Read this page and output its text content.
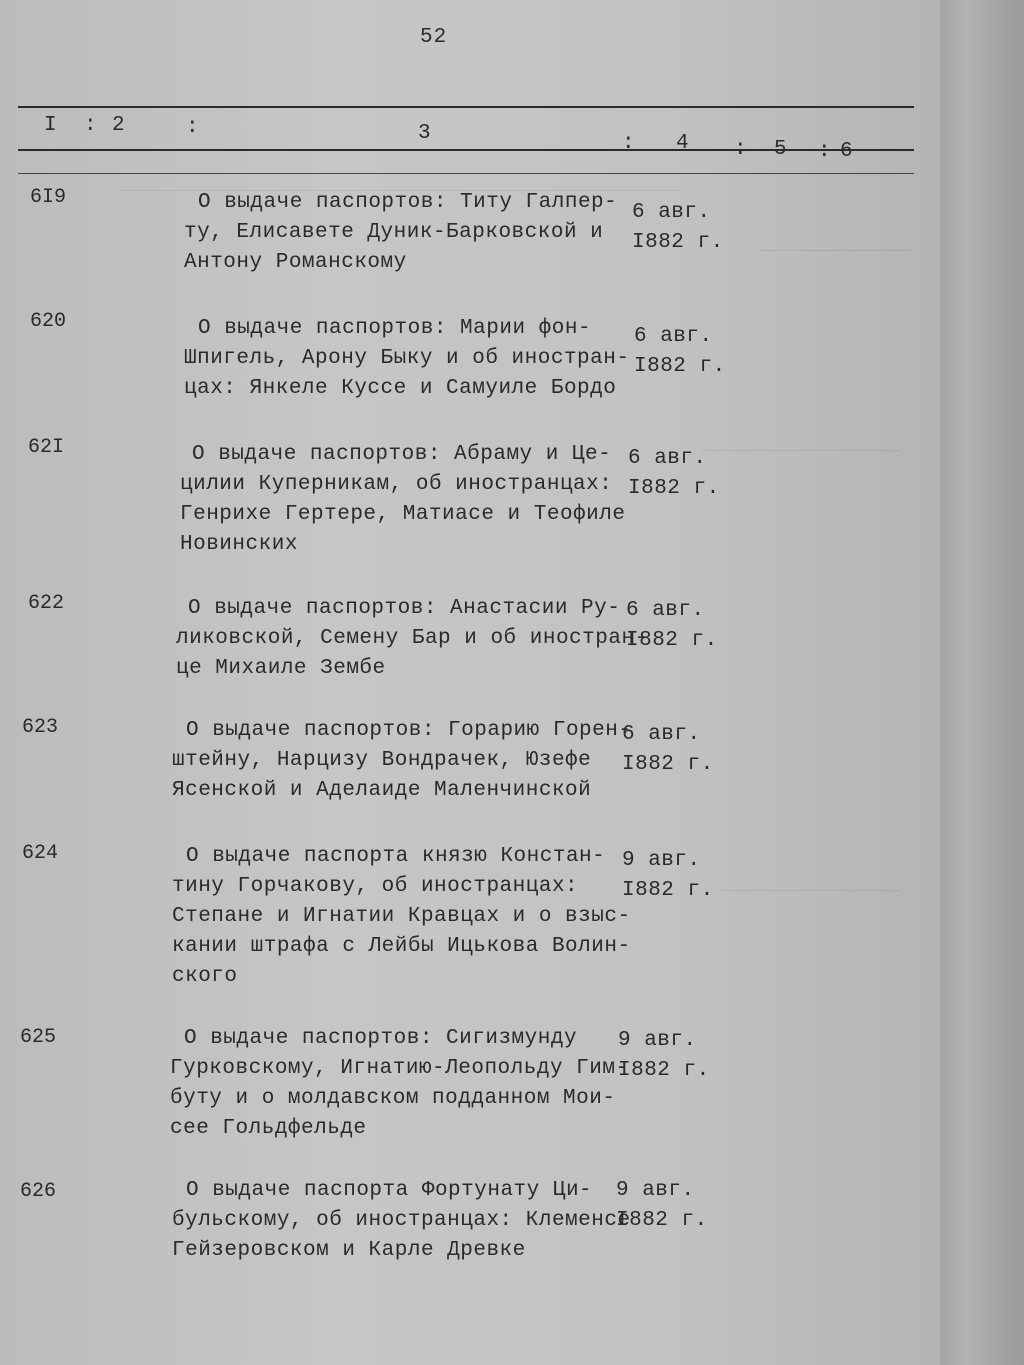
52
I : 2	:	3	: 4 : 5 : 6
6I9	О выдаче паспортов: Титу Галпер-
ту, Елисавете Дуник-Барковской и
Антону Романскому
6 авг.
I882 г.
620	О выдаче паспортов: Марии фон-
Шпигель, Арону Быку и об иностран-
цах: Янкеле Куссе и Самуиле Бордо
6 авг.
I882 г.
62I	О выдаче паспортов: Абраму и Це-
цилии Куперникам, об иностранцах:
Генрихе Гертере, Матиасе и Теофиле
Новинских
6 авг.
I882 г.
622	О выдаче паспортов: Анастасии Ру-
ликовской, Семену Бар и об иностран-
це Михаиле Зембе
6 авг.
I882 г.
623	О выдаче паспортов: Горарию Горен-
штейну, Нарцизу Вондрачек, Юзефе
Ясенской и Аделаиде Маленчинской
6 авг.
I882 г.
624	О выдаче паспорта князю Констан-
тину Горчакову, об иностранцах:
Степане и Игнатии Кравцах и о взыс-
кании штрафа с Лейбы Ицькова Волин-
ского
9 авг.
I882 г.
625	О выдаче паспортов: Сигизмунду
Гурковскому, Игнатию-Леопольду Гим-
буту и о молдавском подданном Мои-
сее Гольдфельде
9 авг.
I882 г.
626	О выдаче паспорта Фортунату Ци-
бульскому, об иностранцах: Клеменсе
Гейзеровском и Карле Древке
9 авг.
I882 г.
